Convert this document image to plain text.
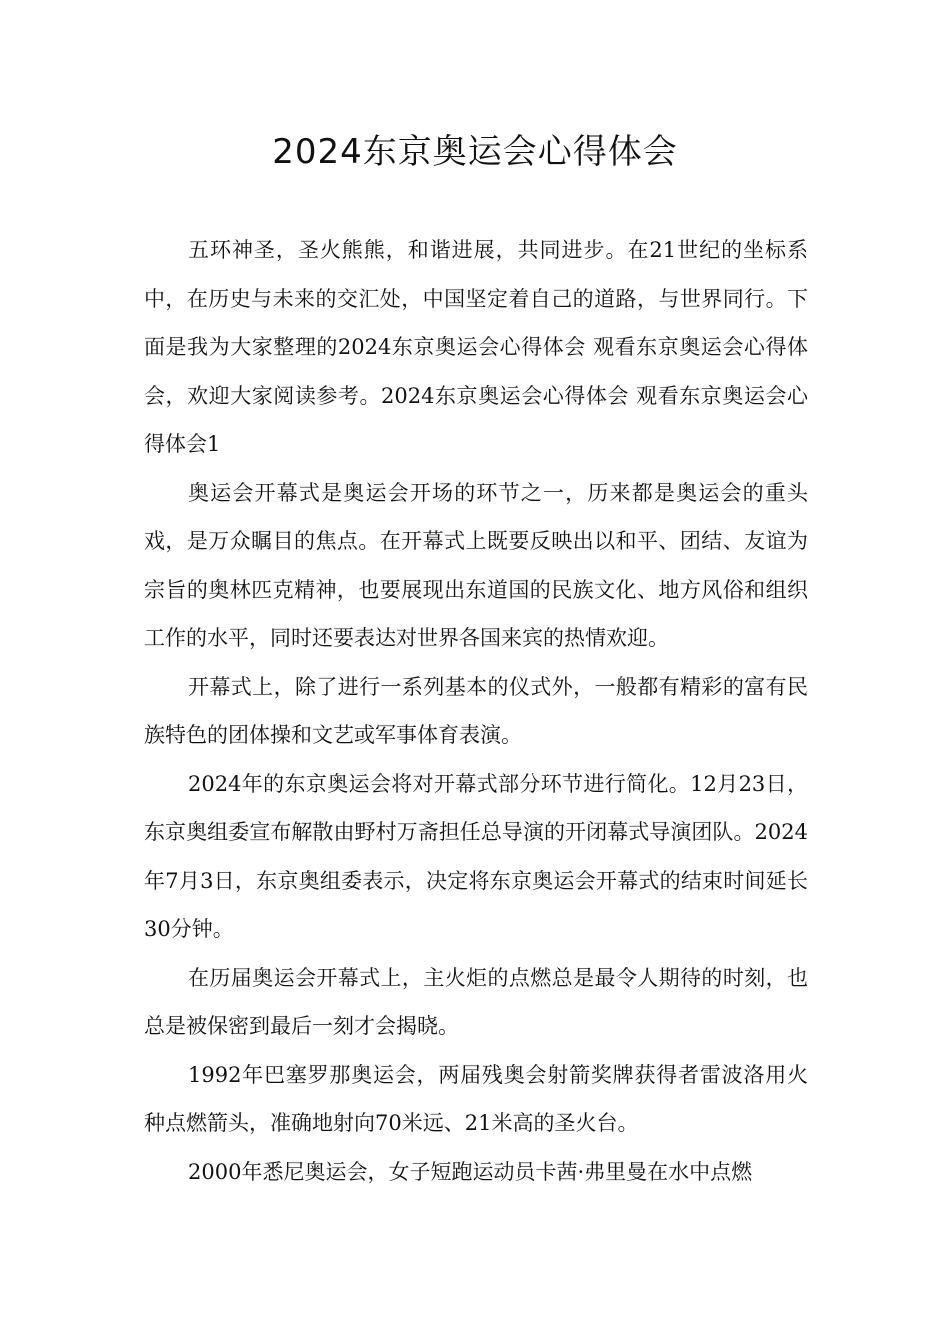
2024东京奥运会心得体会

五环神圣，圣火熊熊，和谐进展，共同进步。在21世纪的坐标系中，在历史与未来的交汇处，中国坚定着自己的道路，与世界同行。下面是我为大家整理的2024东京奥运会心得体会 观看东京奥运会心得体会，欢迎大家阅读参考。2024东京奥运会心得体会 观看东京奥运会心得体会1

奥运会开幕式是奥运会开场的环节之一，历来都是奥运会的重头戏，是万众瞩目的焦点。在开幕式上既要反映出以和平、团结、友谊为宗旨的奥林匹克精神，也要展现出东道国的民族文化、地方风俗和组织工作的水平，同时还要表达对世界各国来宾的热情欢迎。

开幕式上，除了进行一系列基本的仪式外，一般都有精彩的富有民族特色的团体操和文艺或军事体育表演。

2024年的东京奥运会将对开幕式部分环节进行简化。12月23日，东京奥组委宣布解散由野村万斋担任总导演的开闭幕式导演团队。2024年7月3日，东京奥组委表示，决定将东京奥运会开幕式的结束时间延长30分钟。

在历届奥运会开幕式上，主火炬的点燃总是最令人期待的时刻，也总是被保密到最后一刻才会揭晓。

1992年巴塞罗那奥运会，两届残奥会射箭奖牌获得者雷波洛用火种点燃箭头，准确地射向70米远、21米高的圣火台。

2000年悉尼奥运会，女子短跑运动员卡茜·弗里曼在水中点燃
